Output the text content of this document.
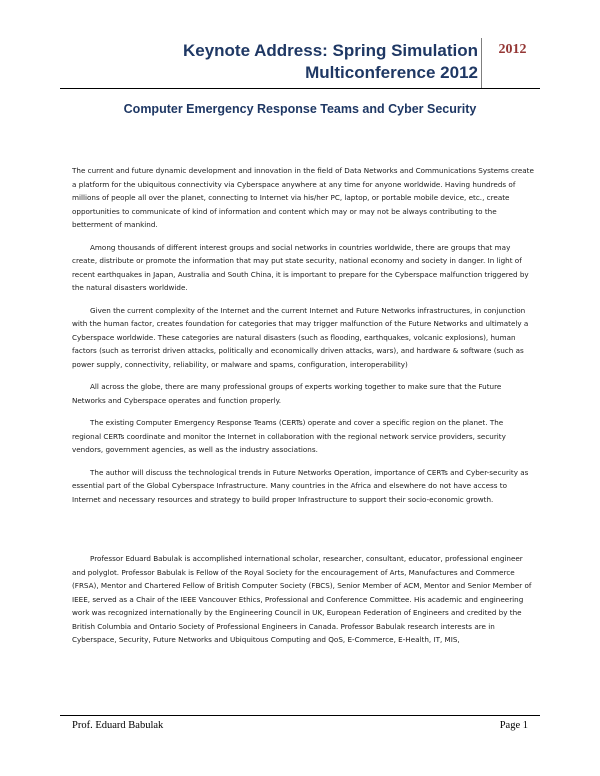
Keynote Address: Spring Simulation Multiconference 2012
2012
Computer Emergency Response Teams and Cyber Security

The current and future dynamic development and innovation in the field of Data Networks and Communications Systems create a platform for the ubiquitous connectivity via Cyberspace anywhere at any time for anyone worldwide. Having hundreds of millions of people all over the planet, connecting to Internet via his/her PC, laptop, or portable mobile device, etc., create opportunities to communicate of kind of information and content which may or may not be always contributing to the betterment of mankind.

Among thousands of different interest groups and social networks in countries worldwide, there are groups that may create, distribute or promote the information that may put state security, national economy and society in danger. In light of recent earthquakes in Japan, Australia and South China, it is important to prepare for the Cyberspace malfunction triggered by the natural disasters worldwide.

Given the current complexity of the Internet and the current Internet and Future Networks infrastructures, in conjunction with the human factor, creates foundation for categories that may trigger malfunction of the Future Networks and ultimately a Cyberspace worldwide. These categories are natural disasters (such as flooding, earthquakes, volcanic explosions), human factors (such as terrorist driven attacks, politically and economically driven attacks, wars), and hardware & software (such as power supply, connectivity, reliability, or malware and spams, configuration, interoperability)

All across the globe, there are many professional groups of experts working together to make sure that the Future Networks and Cyberspace operates and function properly.

The existing Computer Emergency Response Teams (CERTs) operate and cover a specific region on the planet. The regional CERTs coordinate and monitor the Internet in collaboration with the regional network service providers, security vendors, government agencies, as well as the industry associations.

The author will discuss the technological trends in Future Networks Operation, importance of CERTs and Cyber-security as essential part of the Global Cyberspace Infrastructure. Many countries in the Africa and elsewhere do not have access to Internet and necessary resources and strategy to build proper Infrastructure to support their socio-economic growth.

Professor Eduard Babulak is accomplished international scholar, researcher, consultant, educator, professional engineer and polyglot. Professor Babulak is Fellow of the Royal Society for the encouragement of Arts, Manufactures and Commerce (FRSA), Mentor and Chartered Fellow of British Computer Society (FBCS), Senior Member of ACM, Mentor and Senior Member of IEEE, served as a Chair of the IEEE Vancouver Ethics, Professional and Conference Committee. His academic and engineering work was recognized internationally by the Engineering Council in UK, European Federation of Engineers and credited by the British Columbia and Ontario Society of Professional Engineers in Canada. Professor Babulak research interests are in Cyberspace, Security, Future Networks and Ubiquitous Computing and QoS, E-Commerce, E-Health, IT, MIS,

Prof. Eduard Babulak	Page 1
